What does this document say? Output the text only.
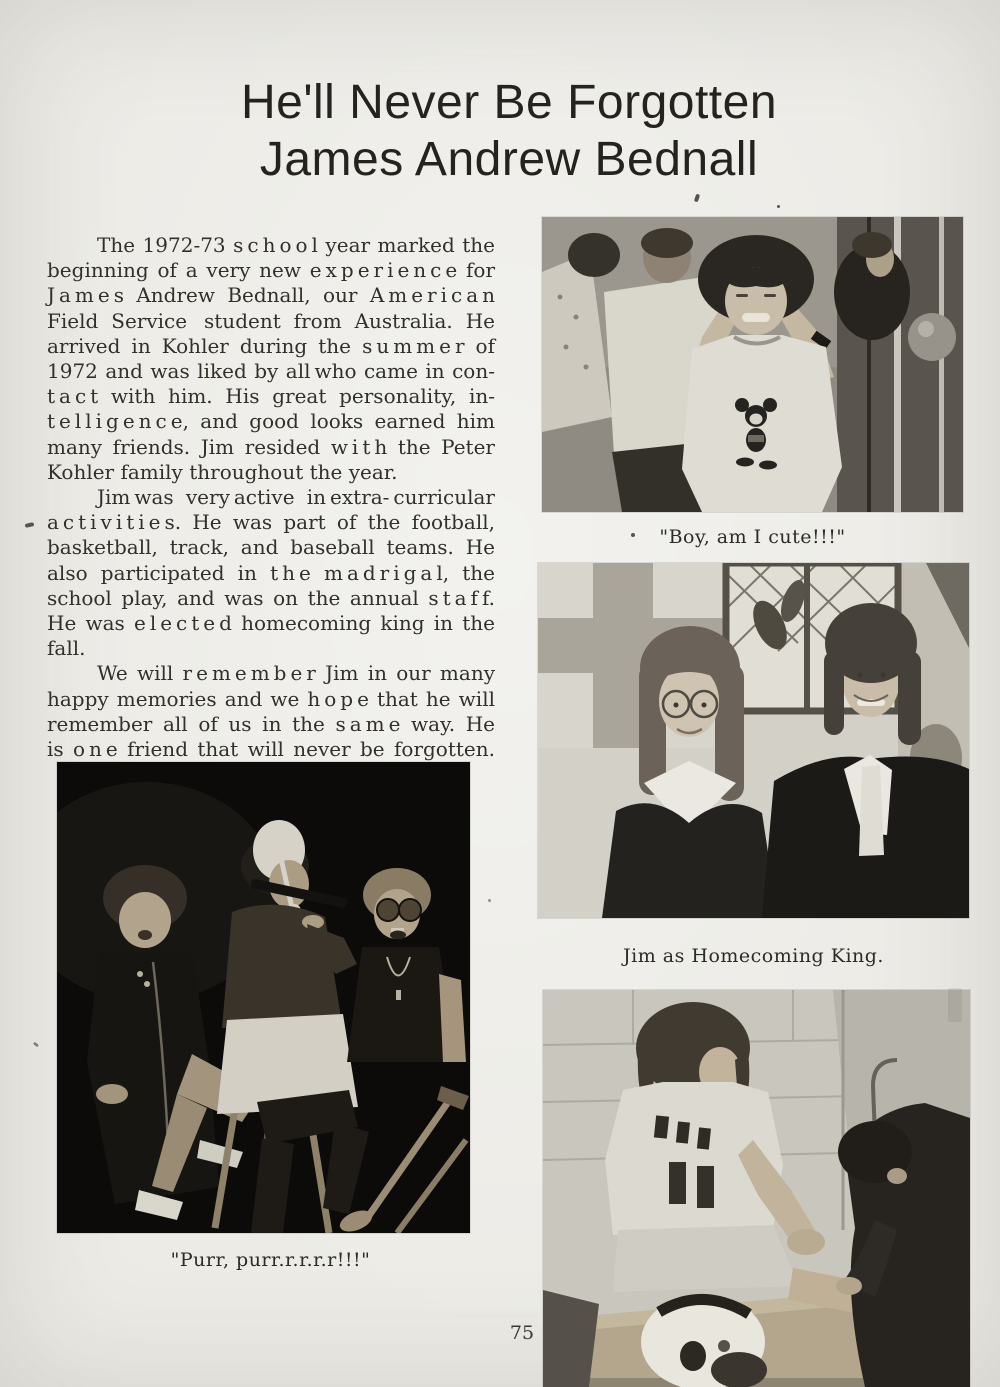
He'll Never Be Forgotten
James Andrew Bednall
The 1972-73 s c h o o l year marked the
beginning of a very new e x p e r i e n c e for
J a m e s Andrew Bednall, our A m e r i c a n
Field Service  student from Australia. He
arrived in Kohler during the s u m m e r of
1972 and was liked by all who came in con-
t a c t with him. His great personality, in-
t e l l i g e n c e, and good looks earned him
many friends. Jim resided w i t h the Peter
Kohler family throughout the year.
Jim was very active in extra- curricular
a c t i v i t i e s. He was part of the football,
basketball, track, and baseball teams. He
also participated in t h e m a d r i g a l, the
school play, and was on the annual s t a f f.
He was e l e c t e d homecoming king in the
fall.
We will r e m e m b e r Jim in our many
happy memories and we h o p e that he will
remember all of us in the s a m e way. He
is o n e friend that will never be forgotten.
"Boy, am I cute!!!"
Jim as Homecoming King.
"Purr, purr.r.r.r.r!!!"
75
